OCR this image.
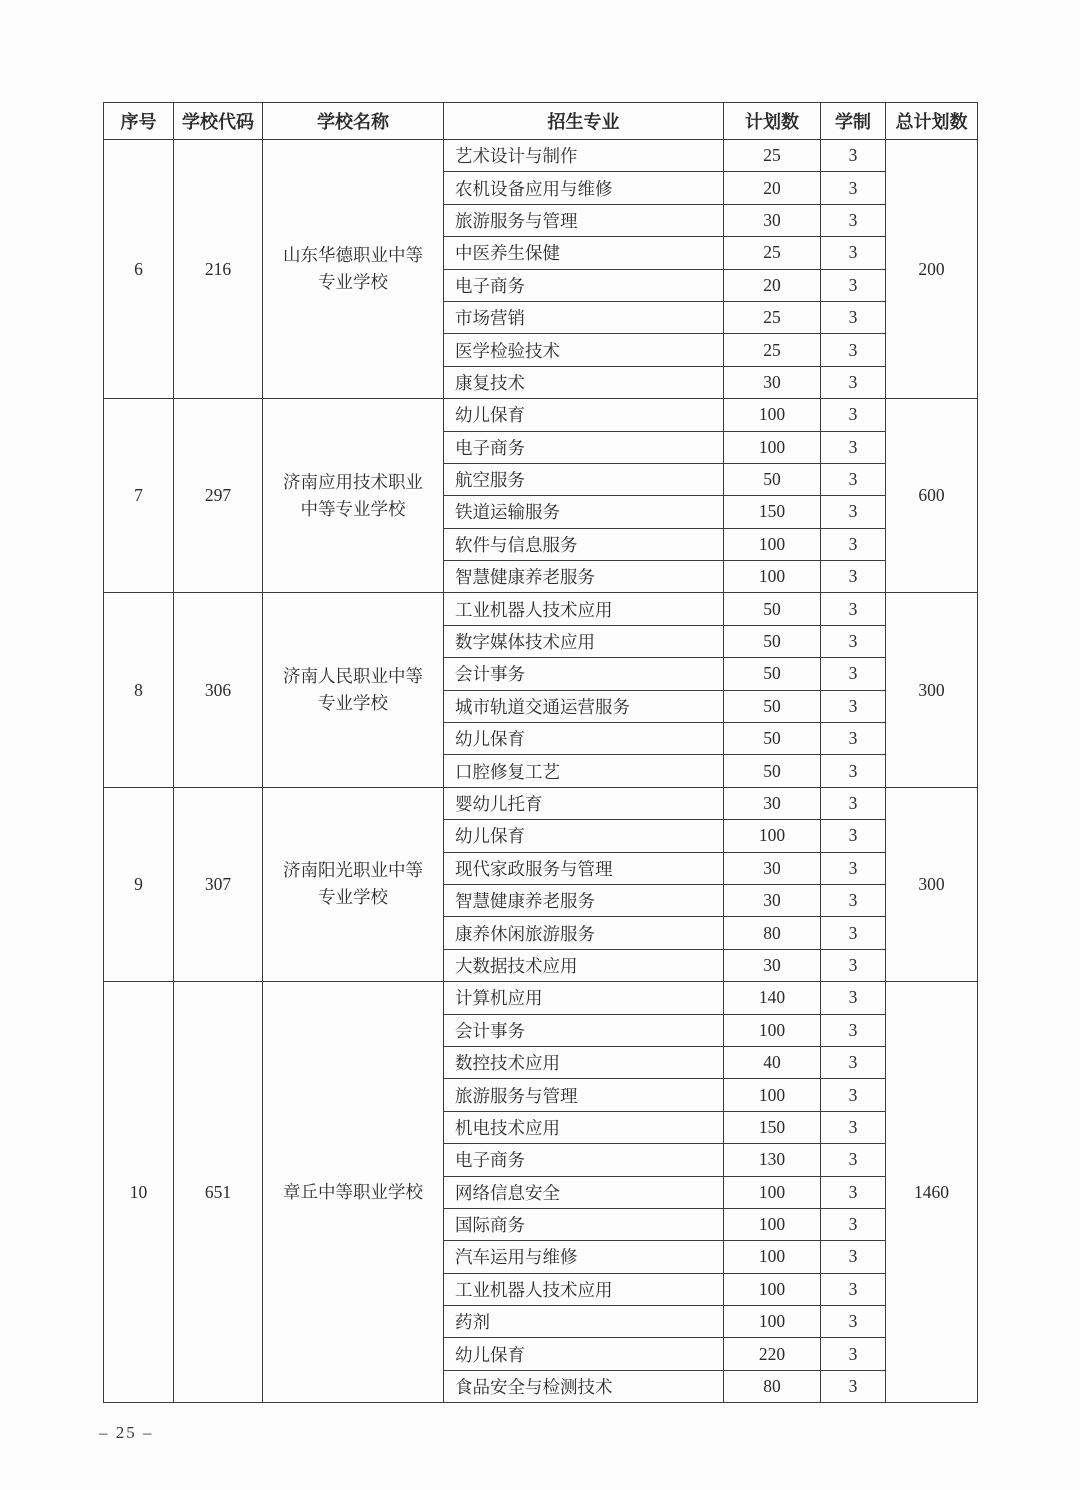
序号	学校代码	学校名称	招生专业	计划数	学制	总计划数
6	216	山东华德职业中等专业学校	艺术设计与制作	25	3	200
			农机设备应用与维修	20	3	
			旅游服务与管理	30	3	
			中医养生保健	25	3	
			电子商务	20	3	
			市场营销	25	3	
			医学检验技术	25	3	
			康复技术	30	3	
7	297	济南应用技术职业中等专业学校	幼儿保育	100	3	600
			电子商务	100	3	
			航空服务	50	3	
			铁道运输服务	150	3	
			软件与信息服务	100	3	
			智慧健康养老服务	100	3	
8	306	济南人民职业中等专业学校	工业机器人技术应用	50	3	300
			数字媒体技术应用	50	3	
			会计事务	50	3	
			城市轨道交通运营服务	50	3	
			幼儿保育	50	3	
			口腔修复工艺	50	3	
9	307	济南阳光职业中等专业学校	婴幼儿托育	30	3	300
			幼儿保育	100	3	
			现代家政服务与管理	30	3	
			智慧健康养老服务	30	3	
			康养休闲旅游服务	80	3	
			大数据技术应用	30	3	
10	651	章丘中等职业学校	计算机应用	140	3	1460
			会计事务	100	3	
			数控技术应用	40	3	
			旅游服务与管理	100	3	
			机电技术应用	150	3	
			电子商务	130	3	
			网络信息安全	100	3	
			国际商务	100	3	
			汽车运用与维修	100	3	
			工业机器人技术应用	100	3	
			药剂	100	3	
			幼儿保育	220	3	
			食品安全与检测技术	80	3	
– 25 –
